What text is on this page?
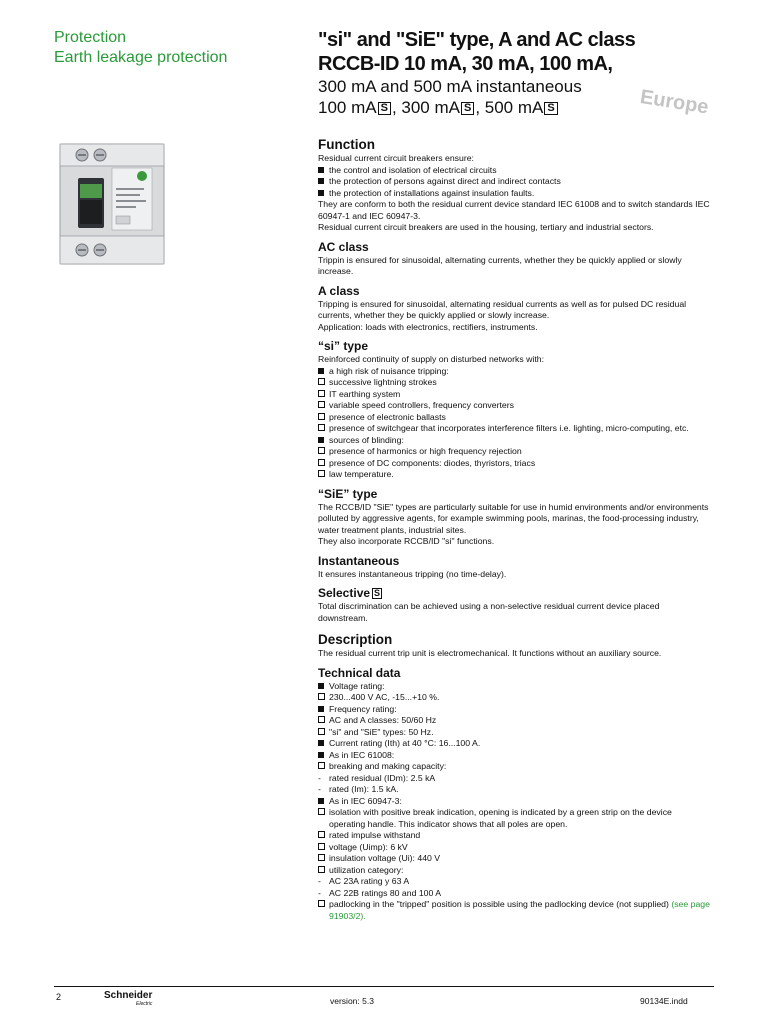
Protection
Earth leakage protection
"si" and "SiE" type, A and AC class
RCCB-ID 10 mA, 30 mA, 100 mA,
300 mA and 500 mA instantaneous
100 mA S , 300 mA S , 500 mA S	Europe
Function

Residual current circuit breakers ensure:

the control and isolation of electrical circuits
the protection of persons against direct and indirect contacts
the protection of installations against insulation faults.

They are conform to both the residual current device standard IEC 61008 and to switch standards IEC 60947-1 and IEC 60947-3.

Residual current circuit breakers are used in the housing, tertiary and industrial sectors.

AC class

Trippin is ensured for sinusoidal, alternating currents, whether they be quickly applied or slowly increase.

A class

Tripping is ensured for sinusoidal, alternating residual currents as well as for pulsed DC residual currents, whether they be quickly applied or slowly increase.

Application: loads with electronics, rectifiers, instruments.

“si” type

Reinforced continuity of supply on disturbed networks with:

a high risk of nuisance tripping:
successive lightning strokes
IT earthing system
variable speed controllers, frequency converters
presence of electronic ballasts
presence of switchgear that incorporates interference filters i.e. lighting, micro-computing, etc.
sources of blinding:
presence of harmonics or high frequency rejection
presence of DC components: diodes, thyristors, triacs
law temperature.
“SiE” type

The RCCB/ID "SiE" types are particularly suitable for use in humid environments and/or environments polluted by aggressive agents, for example swimming pools, marinas, the food-processing industry, water treatment plants, industrial sites.

They also incorporate RCCB/ID "si" functions.

Instantaneous

It ensures instantaneous tripping (no time-delay).

Selective S

Total discrimination can be achieved using a non-selective residual current device placed downstream.

Description

The residual current trip unit is electromechanical. It functions without an auxiliary source.

Technical data
Voltage rating:
230...400 V AC, -15...+10 %.
Frequency rating:
AC and A classes: 50/60 Hz
"si" and "SiE" types: 50 Hz.
Current rating (Ith) at 40 °C: 16...100 A.
As in IEC 61008:
breaking and making capacity:
- rated residual (IDm): 2.5 kA
- rated (Im): 1.5 kA.
As in IEC 60947-3:
isolation with positive break indication, opening is indicated by a green strip on the device operating handle. This indicator shows that all poles are open.
rated impulse withstand
voltage (Uimp): 6 kV
insulation voltage (Ui): 440 V
utilization category:
- AC 23A rating y 63 A
- AC 22B ratings 80 and 100 A
padlocking in the "tripped" position is possible using the padlocking device (not supplied) (see page 91903/2).
2	Schneider
Electric	version: 5.3	90134E.indd
